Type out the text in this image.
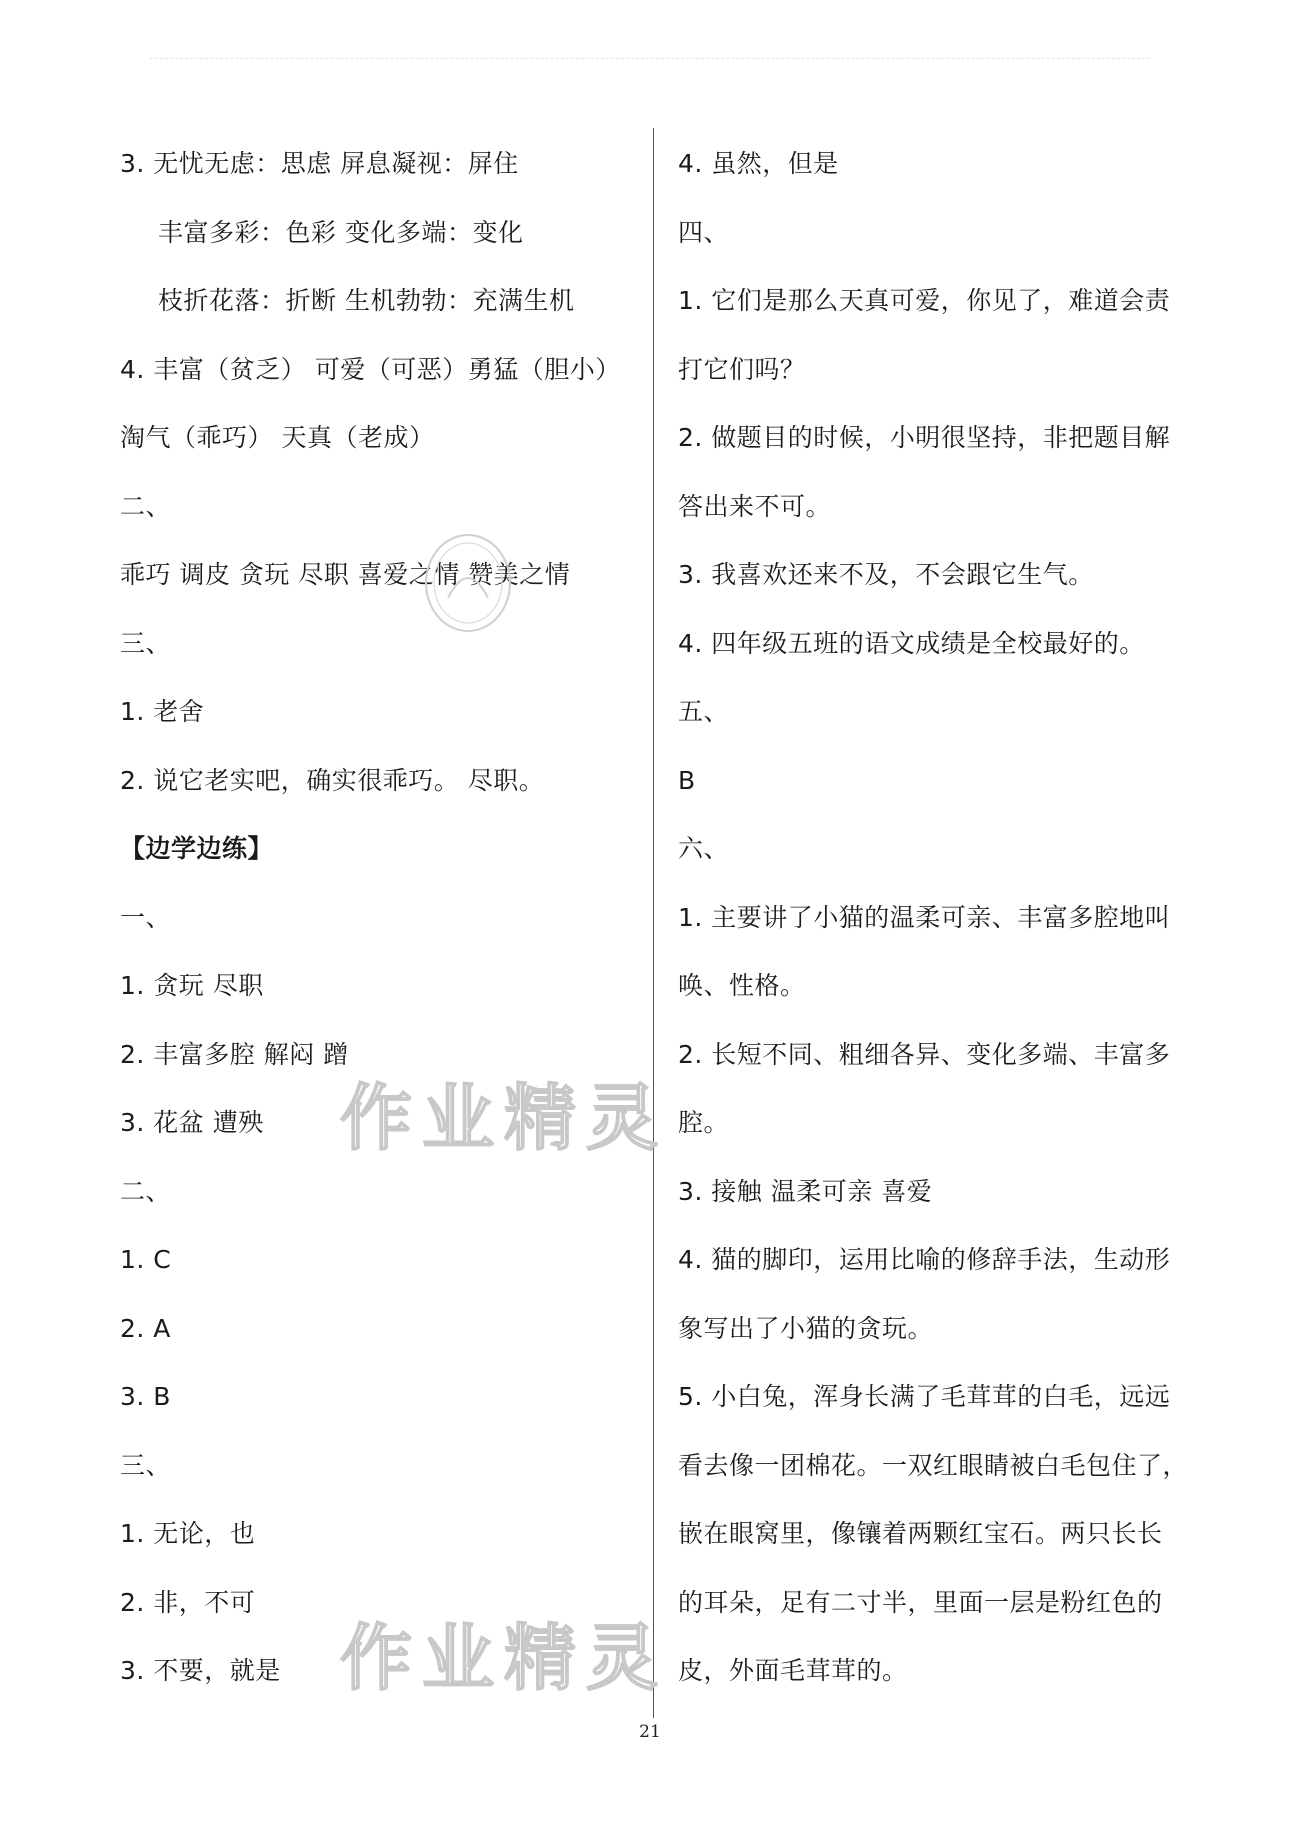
3. 无忧无虑：思虑 屏息凝视：屏住
丰富多彩：色彩 变化多端：变化
枝折花落：折断 生机勃勃：充满生机
4. 丰富（贫乏） 可爱（可恶）勇猛（胆小）
淘气（乖巧） 天真（老成）
二、
乖巧 调皮 贪玩 尽职 喜爱之情 赞美之情
三、
1. 老舍
2. 说它老实吧，确实很乖巧。 尽职。
【边学边练】
一、
1. 贪玩 尽职
2. 丰富多腔 解闷 蹭
3. 花盆 遭殃
二、
1. C
2. A
3. B
三、
1. 无论，也
2. 非，不可
3. 不要，就是
4. 虽然，但是
四、
1. 它们是那么天真可爱，你见了，难道会责
打它们吗？
2. 做题目的时候，小明很坚持，非把题目解
答出来不可。
3. 我喜欢还来不及，不会跟它生气。
4. 四年级五班的语文成绩是全校最好的。
五、
B
六、
1. 主要讲了小猫的温柔可亲、丰富多腔地叫
唤、性格。
2. 长短不同、粗细各异、变化多端、丰富多
腔。
3. 接触 温柔可亲 喜爱
4. 猫的脚印，运用比喻的修辞手法，生动形
象写出了小猫的贪玩。
5. 小白兔，浑身长满了毛茸茸的白毛，远远
看去像一团棉花。一双红眼睛被白毛包住了，
嵌在眼窝里，像镶着两颗红宝石。两只长长
的耳朵，足有二寸半，里面一层是粉红色的
皮，外面毛茸茸的。
作业精灵
作业精灵
21
